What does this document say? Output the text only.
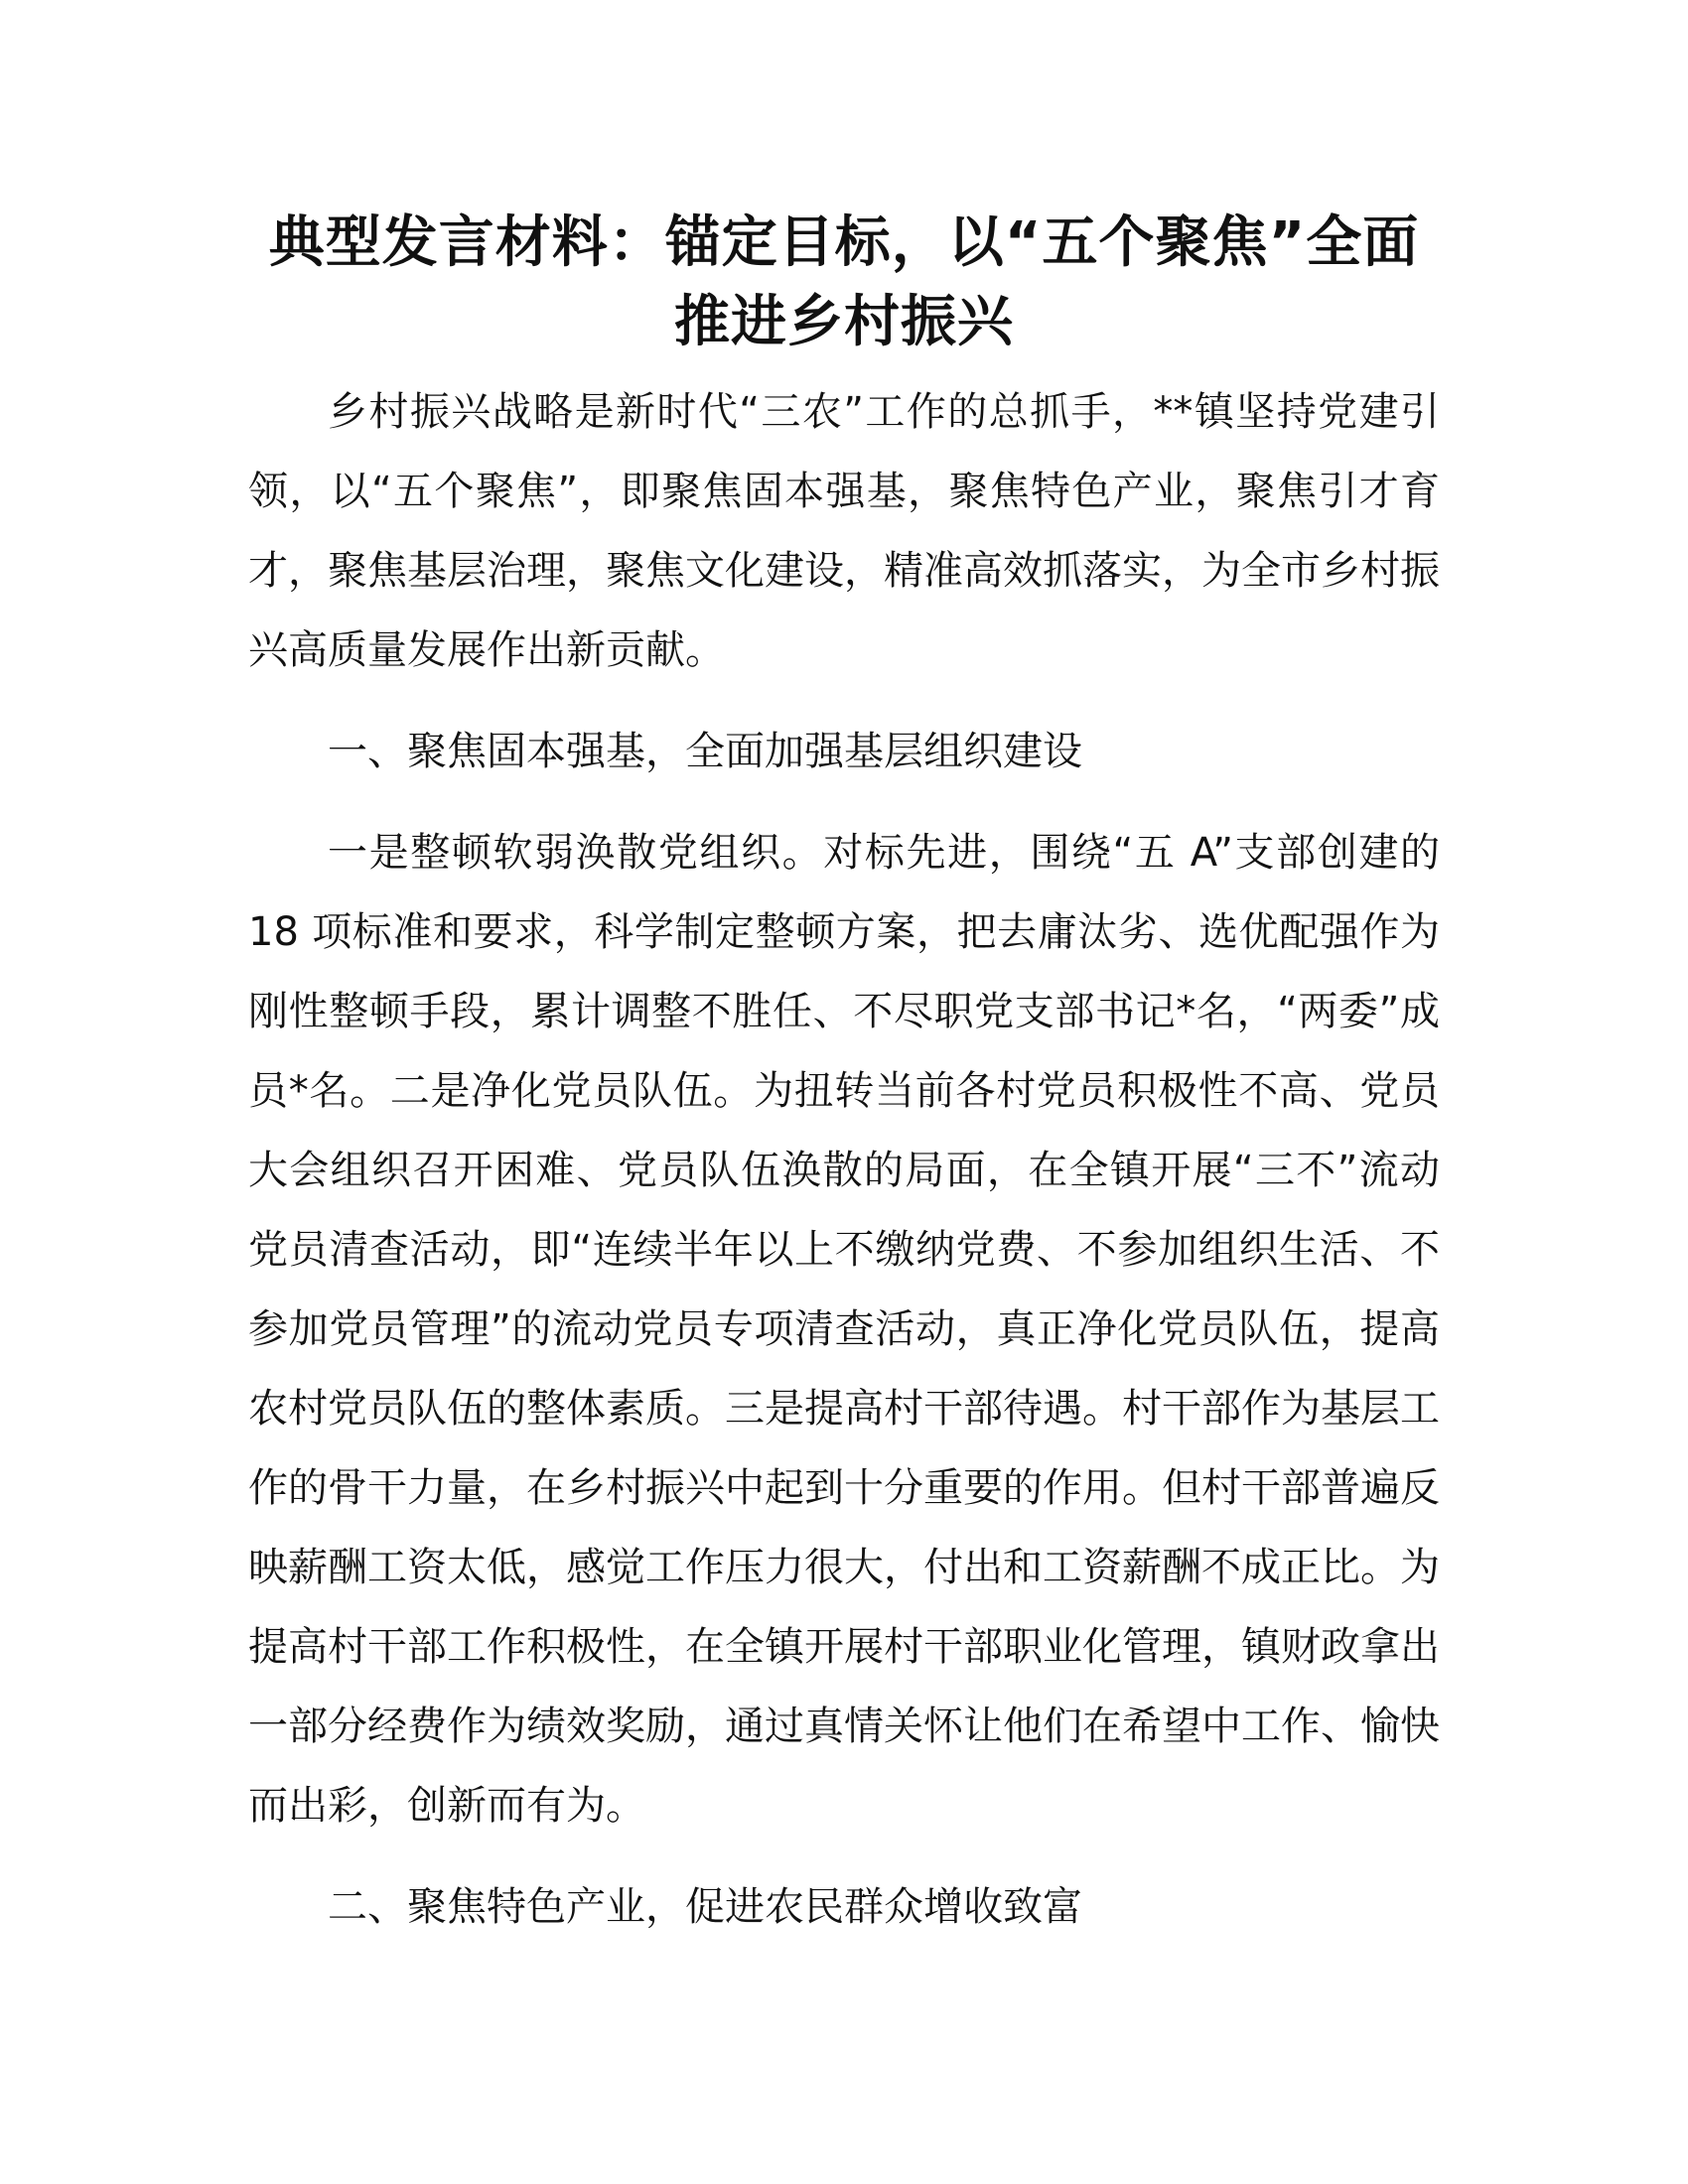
典型发言材料：锚定目标，以“五个聚焦”全面推进乡村振兴

乡村振兴战略是新时代“三农”工作的总抓手，**镇坚持党建引领，以“五个聚焦”，即聚焦固本强基，聚焦特色产业，聚焦引才育才，聚焦基层治理，聚焦文化建设，精准高效抓落实，为全市乡村振兴高质量发展作出新贡献。

一、聚焦固本强基，全面加强基层组织建设

一是整顿软弱涣散党组织。对标先进，围绕“五 A”支部创建的 18 项标准和要求，科学制定整顿方案，把去庸汰劣、选优配强作为刚性整顿手段，累计调整不胜任、不尽职党支部书记*名，“两委”成员*名。二是净化党员队伍。为扭转当前各村党员积极性不高、党员大会组织召开困难、党员队伍涣散的局面，在全镇开展“三不”流动党员清查活动，即“连续半年以上不缴纳党费、不参加组织生活、不参加党员管理”的流动党员专项清查活动，真正净化党员队伍，提高农村党员队伍的整体素质。三是提高村干部待遇。村干部作为基层工作的骨干力量，在乡村振兴中起到十分重要的作用。但村干部普遍反映薪酬工资太低，感觉工作压力很大，付出和工资薪酬不成正比。为提高村干部工作积极性，在全镇开展村干部职业化管理，镇财政拿出一部分经费作为绩效奖励，通过真情关怀让他们在希望中工作、愉快而出彩，创新而有为。

二、聚焦特色产业，促进农民群众增收致富
